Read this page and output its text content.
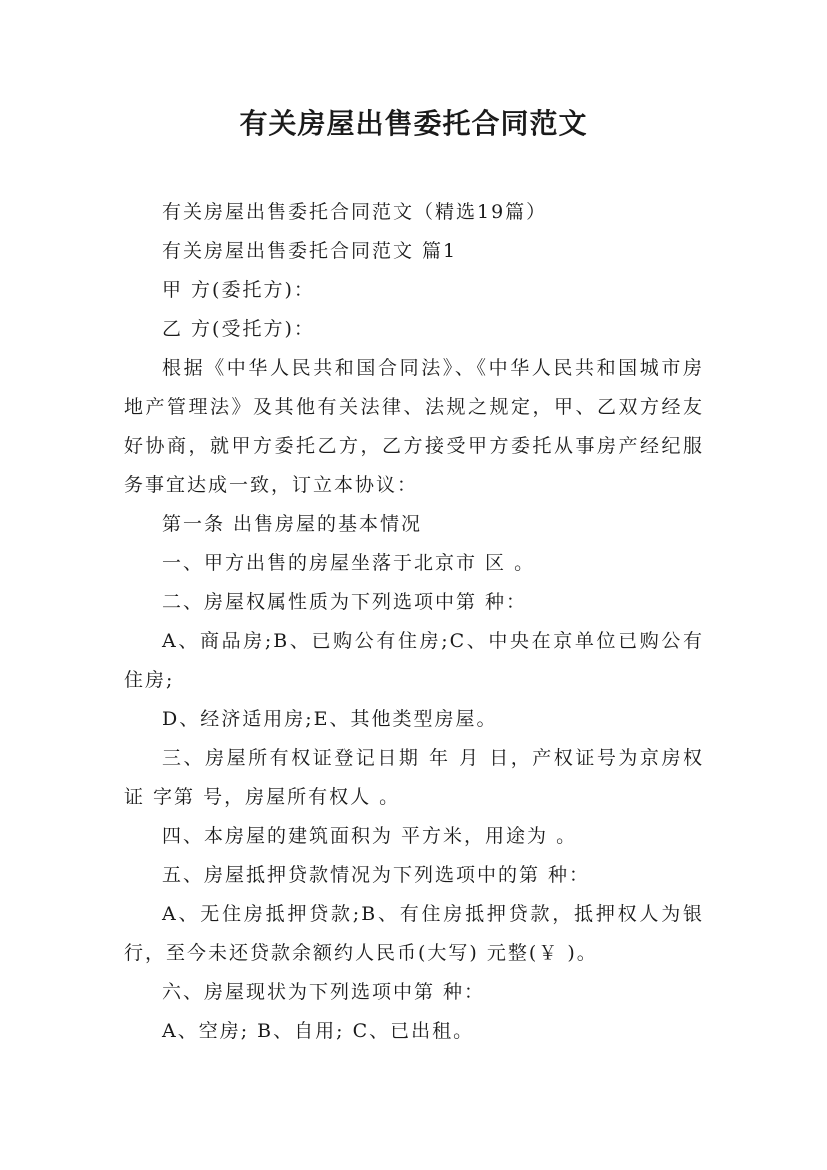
有关房屋出售委托合同范文

有关房屋出售委托合同范文（精选19篇）

有关房屋出售委托合同范文 篇1

甲 方(委托方)：

乙 方(受托方)：

根据《中华人民共和国合同法》、《中华人民共和国城市房地产管理法》及其他有关法律、法规之规定，甲、乙双方经友好协商，就甲方委托乙方，乙方接受甲方委托从事房产经纪服务事宜达成一致，订立本协议：

第一条 出售房屋的基本情况

一、甲方出售的房屋坐落于北京市 区 。

二、房屋权属性质为下列选项中第 种：

A、商品房;B、已购公有住房;C、中央在京单位已购公有住房;

D、经济适用房;E、其他类型房屋。

三、房屋所有权证登记日期 年 月 日，产权证号为京房权证 字第 号，房屋所有权人 。

四、本房屋的建筑面积为 平方米，用途为 。

五、房屋抵押贷款情况为下列选项中的第 种：

A、无住房抵押贷款;B、有住房抵押贷款，抵押权人为银行，至今未还贷款余额约人民币(大写) 元整(￥ )。

六、房屋现状为下列选项中第 种：

A、空房; B、自用; C、已出租。
